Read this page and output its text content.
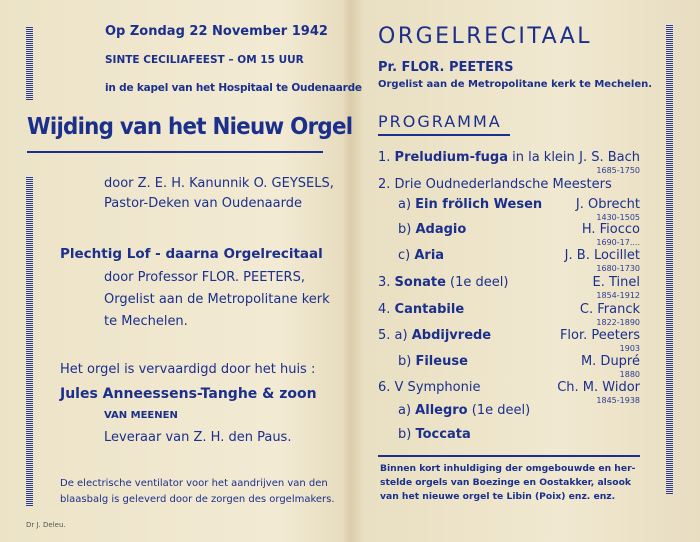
Op Zondag 22 November 1942
SINTE CECILIAFEEST – OM 15 UUR
in de kapel van het Hospitaal te Oudenaarde
Wijding van het Nieuw Orgel
door Z. E. H. Kanunnik O. GEYSELS,
Pastor-Deken van Oudenaarde
Plechtig Lof - daarna Orgelrecitaal
door Professor FLOR. PEETERS,
Orgelist aan de Metropolitane kerk
te Mechelen.
Het orgel is vervaardigd door het huis :
Jules Anneessens-Tanghe & zoon
VAN MEENEN
Leveraar van Z. H. den Paus.
De electrische ventilator voor het aandrijven van den
blaasbalg is geleverd door de zorgen des orgelmakers.
Dr J. Deleu.
ORGELRECITAAL
Pr. FLOR. PEETERS
Orgelist aan de Metropolitane kerk te Mechelen.
PROGRAMMA
1. Preludium-fuga in la klein J. S. Bach
1685-1750
2. Drie Oudnederlandsche Meesters
a) Ein frölich Wesen	J. Obrecht
1430-1505
b) Adagio	H. Fiocco
1690-17....
c) Aria	J. B. Locillet
1680-1730
3. Sonate (1e deel)	E. Tinel
1854-1912
4. Cantabile	C. Franck
1822-1890
5. a) Abdijvrede	Flor. Peeters
1903
b) Fileuse	M. Dupré
1880
6. V Symphonie	Ch. M. Widor
1845-1938
a) Allegro (1e deel)
b) Toccata
Binnen kort inhuldiging der omgebouwde en her-
stelde orgels van Boezinge en Oostakker, alsook
van het nieuwe orgel te Libin (Poix) enz. enz.
